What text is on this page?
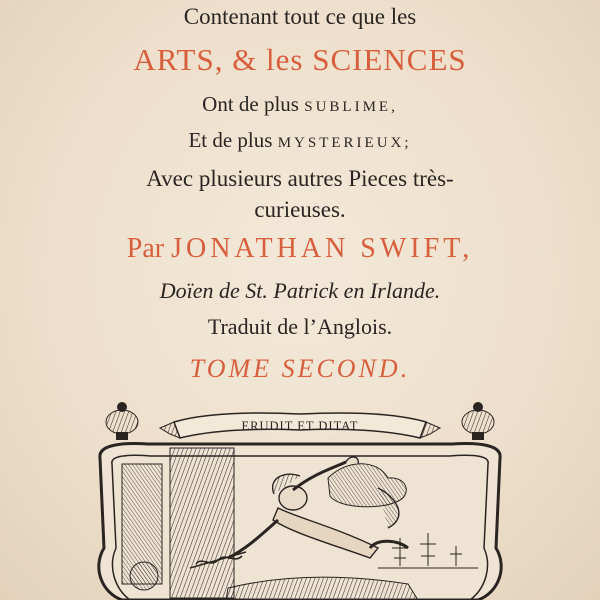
Contenant tout ce que les
ARTS, & les SCIENCES
Ont de plus SUBLIME,
Et de plus MYSTERIEUX;
Avec plusieurs autres Pieces très-
curieuses.
Par JONATHAN SWIFT,
Doïen de St. Patrick en Irlande.
Traduit de l’Anglois.
TOME SECOND.
ERUDIT ET DITAT
